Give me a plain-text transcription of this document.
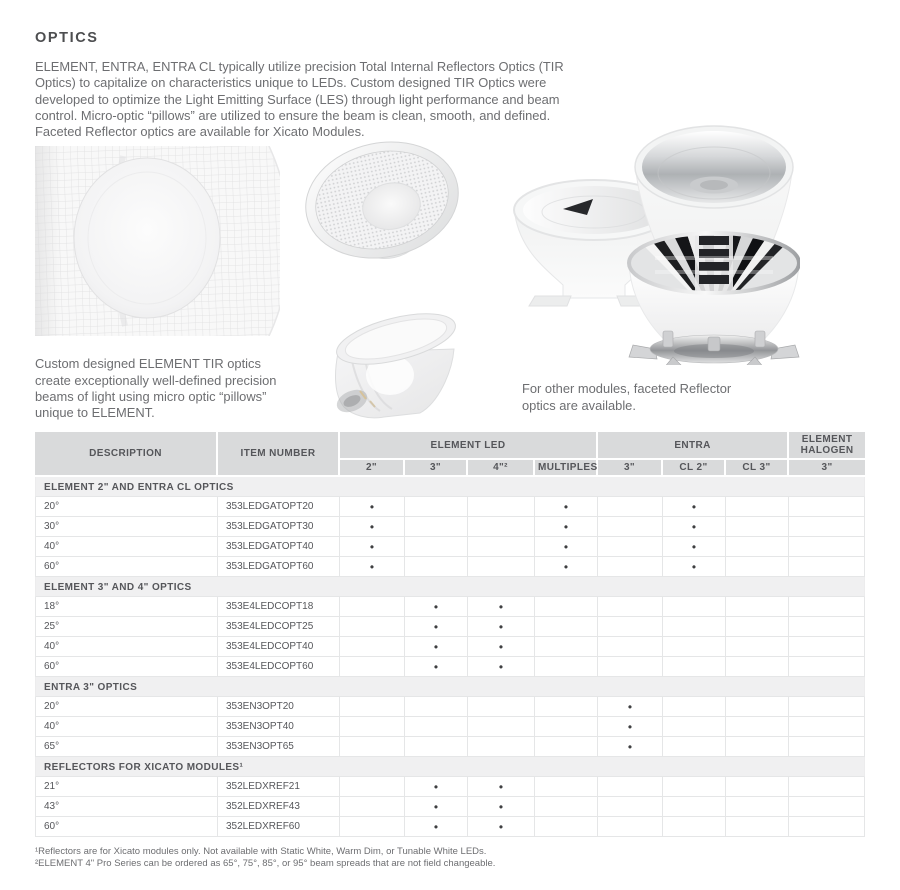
OPTICS

ELEMENT, ENTRA, ENTRA CL typically utilize precision Total Internal Reflectors Optics (TIR Optics) to capitalize on characteristics unique to LEDs. Custom designed TIR Optics were developed to optimize the Light Emitting Surface (LES) through light performance and beam control. Micro-optic “pillows” are utilized to ensure the beam is clean, smooth, and defined. Faceted Reflector optics are available for Xicato Modules.

Custom designed ELEMENT TIR optics create exceptionally well-defined precision beams of light using micro optic “pillows” unique to ELEMENT.

For other modules, faceted Reflector optics are available.

DESCRIPTION	ITEM NUMBER	ELEMENT LED				ENTRA			ELEMENT HALOGEN
		2"	3"	4"²	MULTIPLES	3"	CL 2"	CL 3"	3"
ELEMENT 2" AND ENTRA CL OPTICS									
20°	353LEDGATOPT20	•			•		•		
30°	353LEDGATOPT30	•			•		•		
40°	353LEDGATOPT40	•			•		•		
60°	353LEDGATOPT60	•			•		•		
ELEMENT 3" AND 4" OPTICS									
18°	353E4LEDCOPT18		•	•					
25°	353E4LEDCOPT25		•	•					
40°	353E4LEDCOPT40		•	•					
60°	353E4LEDCOPT60		•	•					
ENTRA 3" OPTICS									
20°	353EN3OPT20					•			
40°	353EN3OPT40					•			
65°	353EN3OPT65					•			
REFLECTORS FOR XICATO MODULES¹									
21°	352LEDXREF21		•	•					
43°	352LEDXREF43		•	•					
60°	352LEDXREF60		•	•					

¹Reflectors are for Xicato modules only. Not available with Static White, Warm Dim, or Tunable White LEDs.

²ELEMENT 4" Pro Series can be ordered as 65°, 75°, 85°, or 95° beam spreads that are not field changeable.
